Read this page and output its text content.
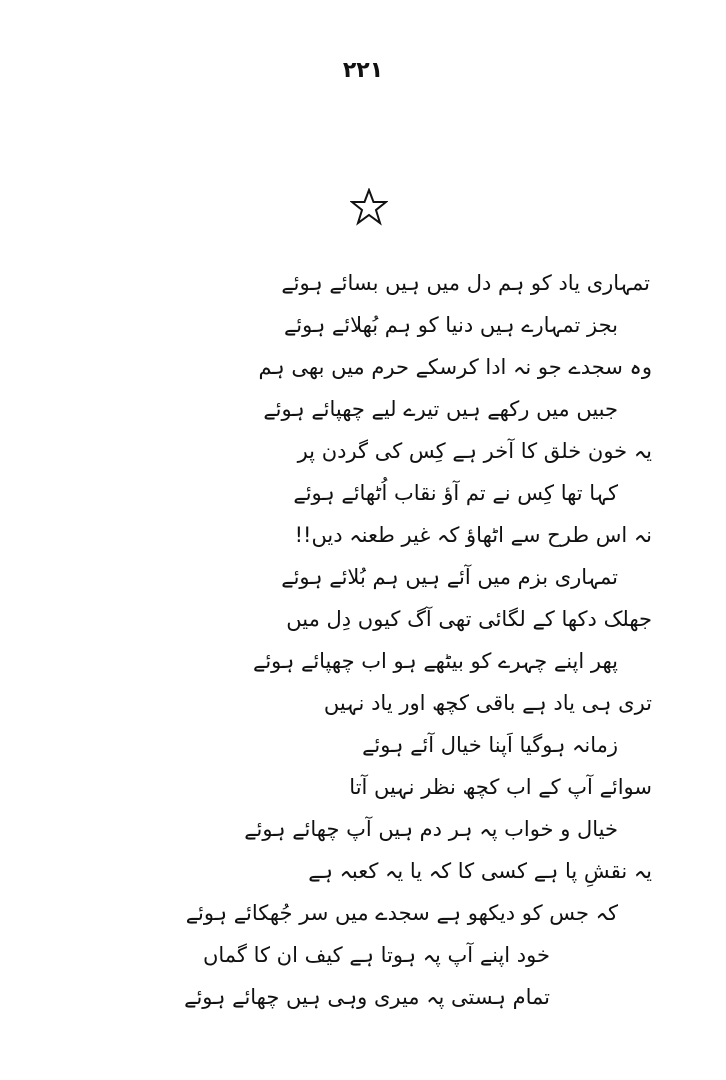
۲۲۱
تمہاری یاد کو ہم دل میں ہیں بسائے ہوئے
بجز تمہارے ہیں دنیا کو ہم بُھلائے ہوئے
وہ سجدے جو نہ ادا کرسکے حرم میں بھی ہم
جبیں میں رکھے ہیں تیرے لیے چھپائے ہوئے
یہ خون خلق کا آخر ہے کِس کی گردن پر
کہا تھا کِس نے تم آؤ نقاب اُٹھائے ہوئے
نہ اس طرح سے اٹھاؤ کہ غیر طعنہ دیں!!
تمہاری بزم میں آئے ہیں ہم بُلائے ہوئے
جھلک دکھا کے لگائی تھی آگ کیوں دِل میں
پھر اپنے چہرے کو بیٹھے ہو اب چھپائے ہوئے
تری ہی یاد ہے باقی کچھ اور یاد نہیں
زمانہ ہوگیا اَپنا خیال آئے ہوئے
سوائے آپ کے اب کچھ نظر نہیں آتا
خیال و خواب پہ ہر دم ہیں آپ چھائے ہوئے
یہ نقشِ پا ہے کسی کا کہ یا یہ کعبہ ہے
کہ جس کو دیکھو ہے سجدے میں سر جُھکائے ہوئے
خود اپنے آپ پہ ہوتا ہے کیف ان کا گماں
تمام ہستی پہ میری وہی ہیں چھائے ہوئے
